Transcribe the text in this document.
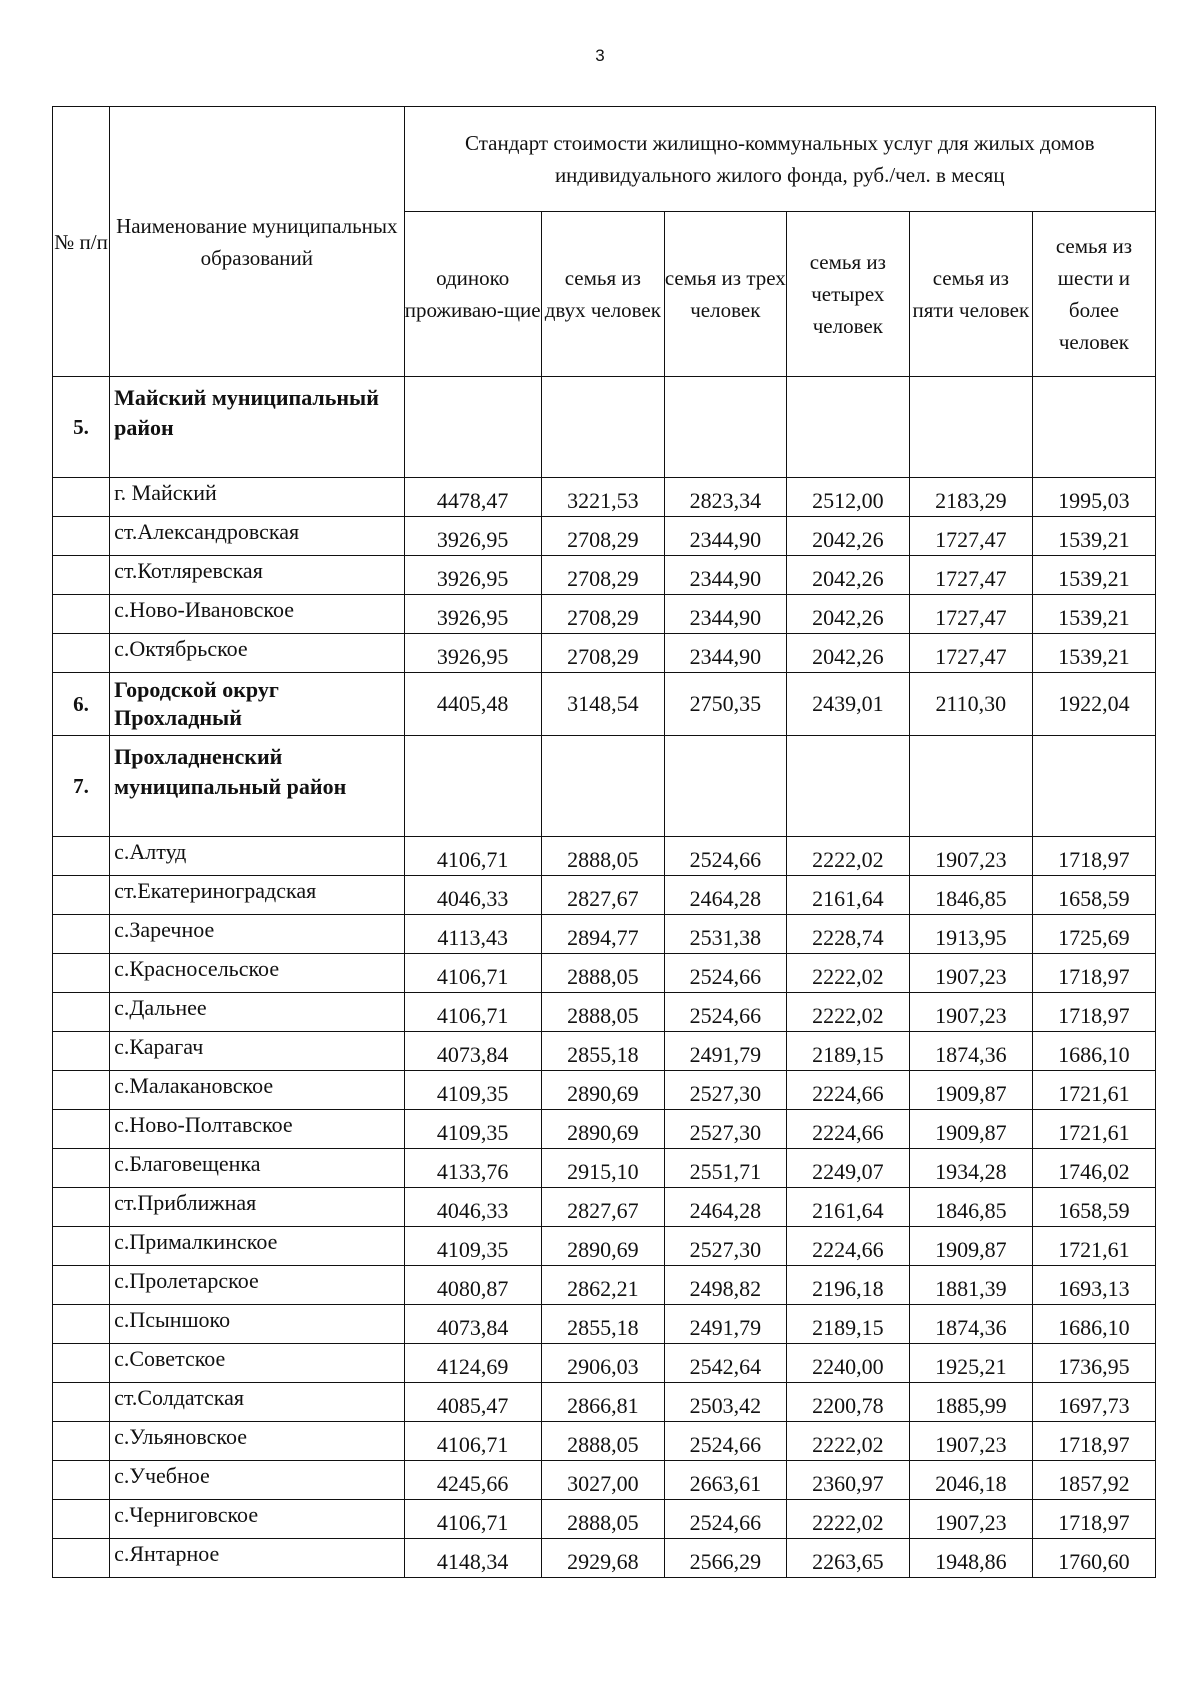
3
№ п/п	Наименование муниципальных образований	Стандарт стоимости жилищно-коммунальных услуг для жилых домов индивидуального жилого фонда, руб./чел. в месяц					
		одиноко проживаю-щие	семья из двух человек	семья из трех человек	семья из четырех человек	семья из пяти человек	семья из шести и более человек
5.	Майский муниципальный район						
	г. Майский	4478,47	3221,53	2823,34	2512,00	2183,29	1995,03
	ст.Александровская	3926,95	2708,29	2344,90	2042,26	1727,47	1539,21
	ст.Котляревская	3926,95	2708,29	2344,90	2042,26	1727,47	1539,21
	с.Ново-Ивановское	3926,95	2708,29	2344,90	2042,26	1727,47	1539,21
	с.Октябрьское	3926,95	2708,29	2344,90	2042,26	1727,47	1539,21
6.	Городской округ Прохладный	4405,48	3148,54	2750,35	2439,01	2110,30	1922,04
7.	Прохладненский муниципальный район						
	с.Алтуд	4106,71	2888,05	2524,66	2222,02	1907,23	1718,97
	ст.Екатериноградская	4046,33	2827,67	2464,28	2161,64	1846,85	1658,59
	с.Заречное	4113,43	2894,77	2531,38	2228,74	1913,95	1725,69
	с.Красносельское	4106,71	2888,05	2524,66	2222,02	1907,23	1718,97
	с.Дальнее	4106,71	2888,05	2524,66	2222,02	1907,23	1718,97
	с.Карагач	4073,84	2855,18	2491,79	2189,15	1874,36	1686,10
	с.Малакановское	4109,35	2890,69	2527,30	2224,66	1909,87	1721,61
	с.Ново-Полтавское	4109,35	2890,69	2527,30	2224,66	1909,87	1721,61
	с.Благовещенка	4133,76	2915,10	2551,71	2249,07	1934,28	1746,02
	ст.Приближная	4046,33	2827,67	2464,28	2161,64	1846,85	1658,59
	с.Прималкинское	4109,35	2890,69	2527,30	2224,66	1909,87	1721,61
	с.Пролетарское	4080,87	2862,21	2498,82	2196,18	1881,39	1693,13
	с.Псыншоко	4073,84	2855,18	2491,79	2189,15	1874,36	1686,10
	с.Советское	4124,69	2906,03	2542,64	2240,00	1925,21	1736,95
	ст.Солдатская	4085,47	2866,81	2503,42	2200,78	1885,99	1697,73
	с.Ульяновское	4106,71	2888,05	2524,66	2222,02	1907,23	1718,97
	с.Учебное	4245,66	3027,00	2663,61	2360,97	2046,18	1857,92
	с.Черниговское	4106,71	2888,05	2524,66	2222,02	1907,23	1718,97
	с.Янтарное	4148,34	2929,68	2566,29	2263,65	1948,86	1760,60
